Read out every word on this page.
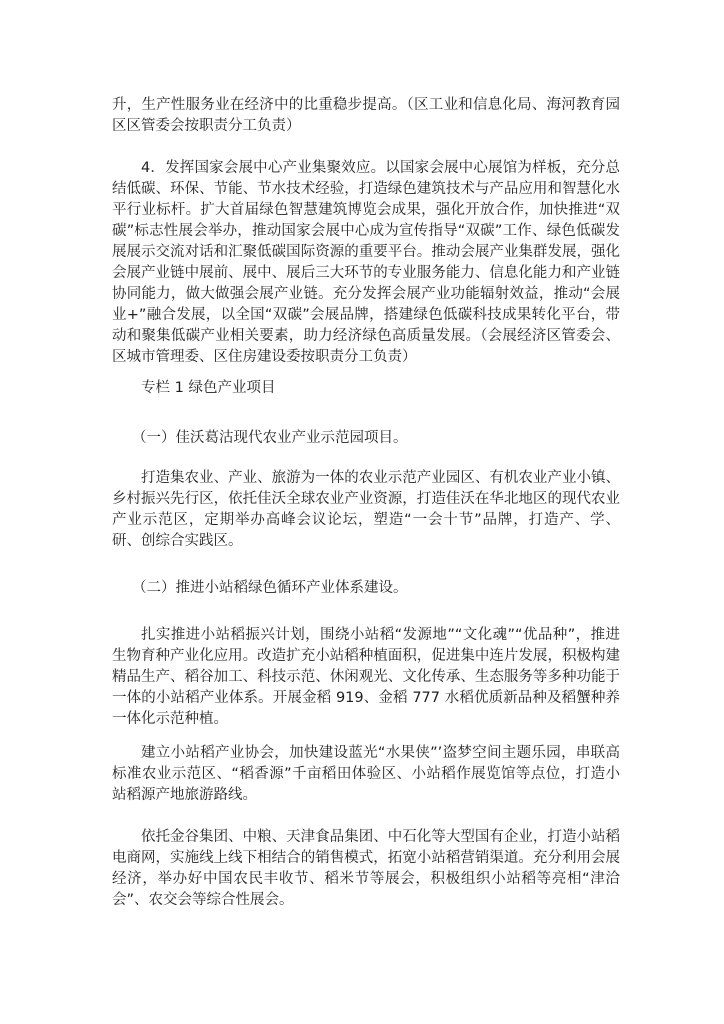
升，生产性服务业在经济中的比重稳步提高。（区工业和信息化局、海河教育园区区管委会按职责分工负责）

4．发挥国家会展中心产业集聚效应。以国家会展中心展馆为样板，充分总结低碳、环保、节能、节水技术经验，打造绿色建筑技术与产品应用和智慧化水平行业标杆。扩大首届绿色智慧建筑博览会成果，强化开放合作，加快推进“双碳”标志性展会举办，推动国家会展中心成为宣传指导“双碳”工作、绿色低碳发展展示交流对话和汇聚低碳国际资源的重要平台。推动会展产业集群发展，强化会展产业链中展前、展中、展后三大环节的专业服务能力、信息化能力和产业链协同能力，做大做强会展产业链。充分发挥会展产业功能辐射效益，推动“会展业+”融合发展，以全国“双碳”会展品牌，搭建绿色低碳科技成果转化平台，带动和聚集低碳产业相关要素，助力经济绿色高质量发展。（会展经济区管委会、区城市管理委、区住房建设委按职责分工负责）

专栏 1 绿色产业项目

（一）佳沃葛沽现代农业产业示范园项目。

打造集农业、产业、旅游为一体的农业示范产业园区、有机农业产业小镇、乡村振兴先行区，依托佳沃全球农业产业资源，打造佳沃在华北地区的现代农业产业示范区，定期举办高峰会议论坛，塑造“一会十节”品牌，打造产、学、研、创综合实践区。

（二）推进小站稻绿色循环产业体系建设。

扎实推进小站稻振兴计划，围绕小站稻“发源地”“文化魂”“优品种”，推进生物育种产业化应用。改造扩充小站稻种植面积，促进集中连片发展，积极构建精品生产、稻谷加工、科技示范、休闲观光、文化传承、生态服务等多种功能于一体的小站稻产业体系。开展金稻 919、金稻 777 水稻优质新品种及稻蟹种养一体化示范种植。

建立小站稻产业协会，加快建设蓝光“水果侠”’盗梦空间主题乐园，串联高标准农业示范区、“稻香源”千亩稻田体验区、小站稻作展览馆等点位，打造小站稻源产地旅游路线。

依托金谷集团、中粮、天津食品集团、中石化等大型国有企业，打造小站稻电商网，实施线上线下相结合的销售模式，拓宽小站稻营销渠道。充分利用会展经济，举办好中国农民丰收节、稻米节等展会，积极组织小站稻等亮相“津洽会”、农交会等综合性展会。
